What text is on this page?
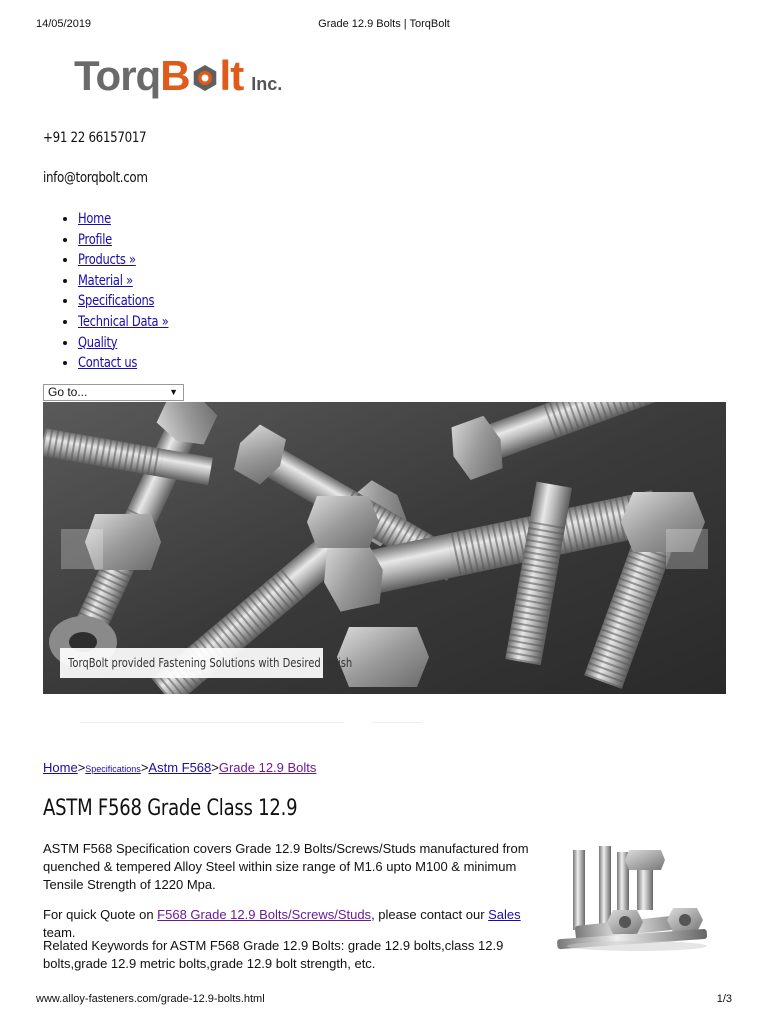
14/05/2019	Grade 12.9 Bolts | TorqBolt
Torq B lt Inc.
+91 22 66157017
info@torqbolt.com
• Home
• Profile
• Products »
• Material »
• Specifications
• Technical Data »
• Quality
• Contact us
Go to...	▼
TorqBolt provided Fastening Solutions with Desired Finish
Home>Specifications>Astm F568>Grade 12.9 Bolts
ASTM F568 Grade Class 12.9
ASTM F568 Specification covers Grade 12.9 Bolts/Screws/Studs manufactured from quenched & tempered Alloy Steel within size range of M1.6 upto M100 & minimum Tensile Strength of 1220 Mpa.
For quick Quote on F568 Grade 12.9 Bolts/Screws/Studs, please contact our Sales team.
Related Keywords for ASTM F568 Grade 12.9 Bolts: grade 12.9 bolts,class 12.9 bolts,grade 12.9 metric bolts,grade 12.9 bolt strength, etc.
www.alloy-fasteners.com/grade-12.9-bolts.html	1/3
